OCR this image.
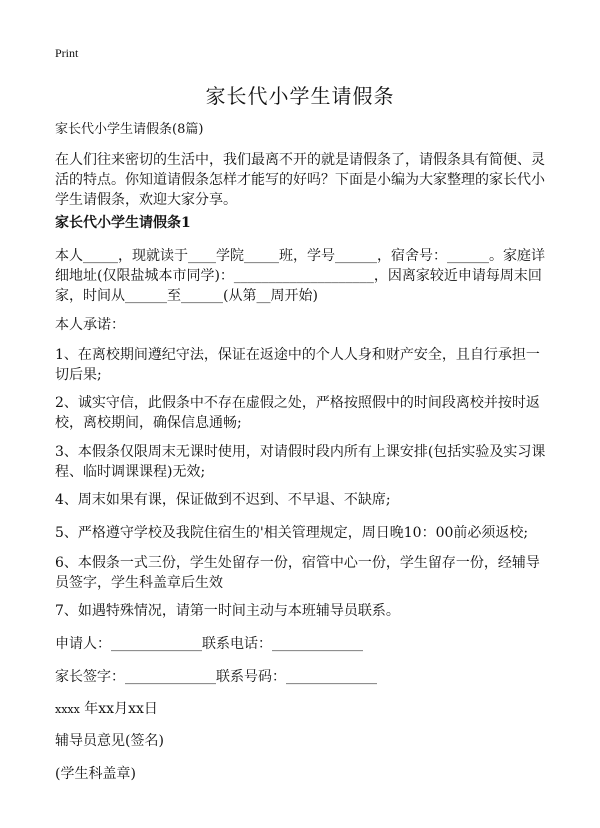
Print
家长代小学生请假条
家长代小学生请假条(8篇)
在人们往来密切的生活中，我们最离不开的就是请假条了，请假条具有简便、灵活的特点。你知道请假条怎样才能写的好吗？下面是小编为大家整理的家长代小学生请假条，欢迎大家分享。
家长代小学生请假条1
本人_____，现就读于____学院_____班，学号______，宿舍号：______。家庭详细地址(仅限盐城本市同学)：____________________，因离家较近申请每周末回家，时间从______至______(从第__周开始)
本人承诺：
1、在离校期间遵纪守法，保证在返途中的个人人身和财产安全，且自行承担一切后果;
2、诚实守信，此假条中不存在虚假之处，严格按照假中的时间段离校并按时返校，离校期间，确保信息通畅;
3、本假条仅限周末无课时使用，对请假时段内所有上课安排(包括实验及实习课程、临时调课课程)无效;
4、周末如果有课，保证做到不迟到、不早退、不缺席;
5、严格遵守学校及我院住宿生的'相关管理规定，周日晚10：00前必须返校;
6、本假条一式三份，学生处留存一份，宿管中心一份，学生留存一份，经辅导员签字，学生科盖章后生效
7、如遇特殊情况，请第一时间主动与本班辅导员联系。
申请人：_____________联系电话：_____________
家长签字：_____________联系号码：_____________
xxxx 年xx月xx日
辅导员意见(签名)
(学生科盖章)
